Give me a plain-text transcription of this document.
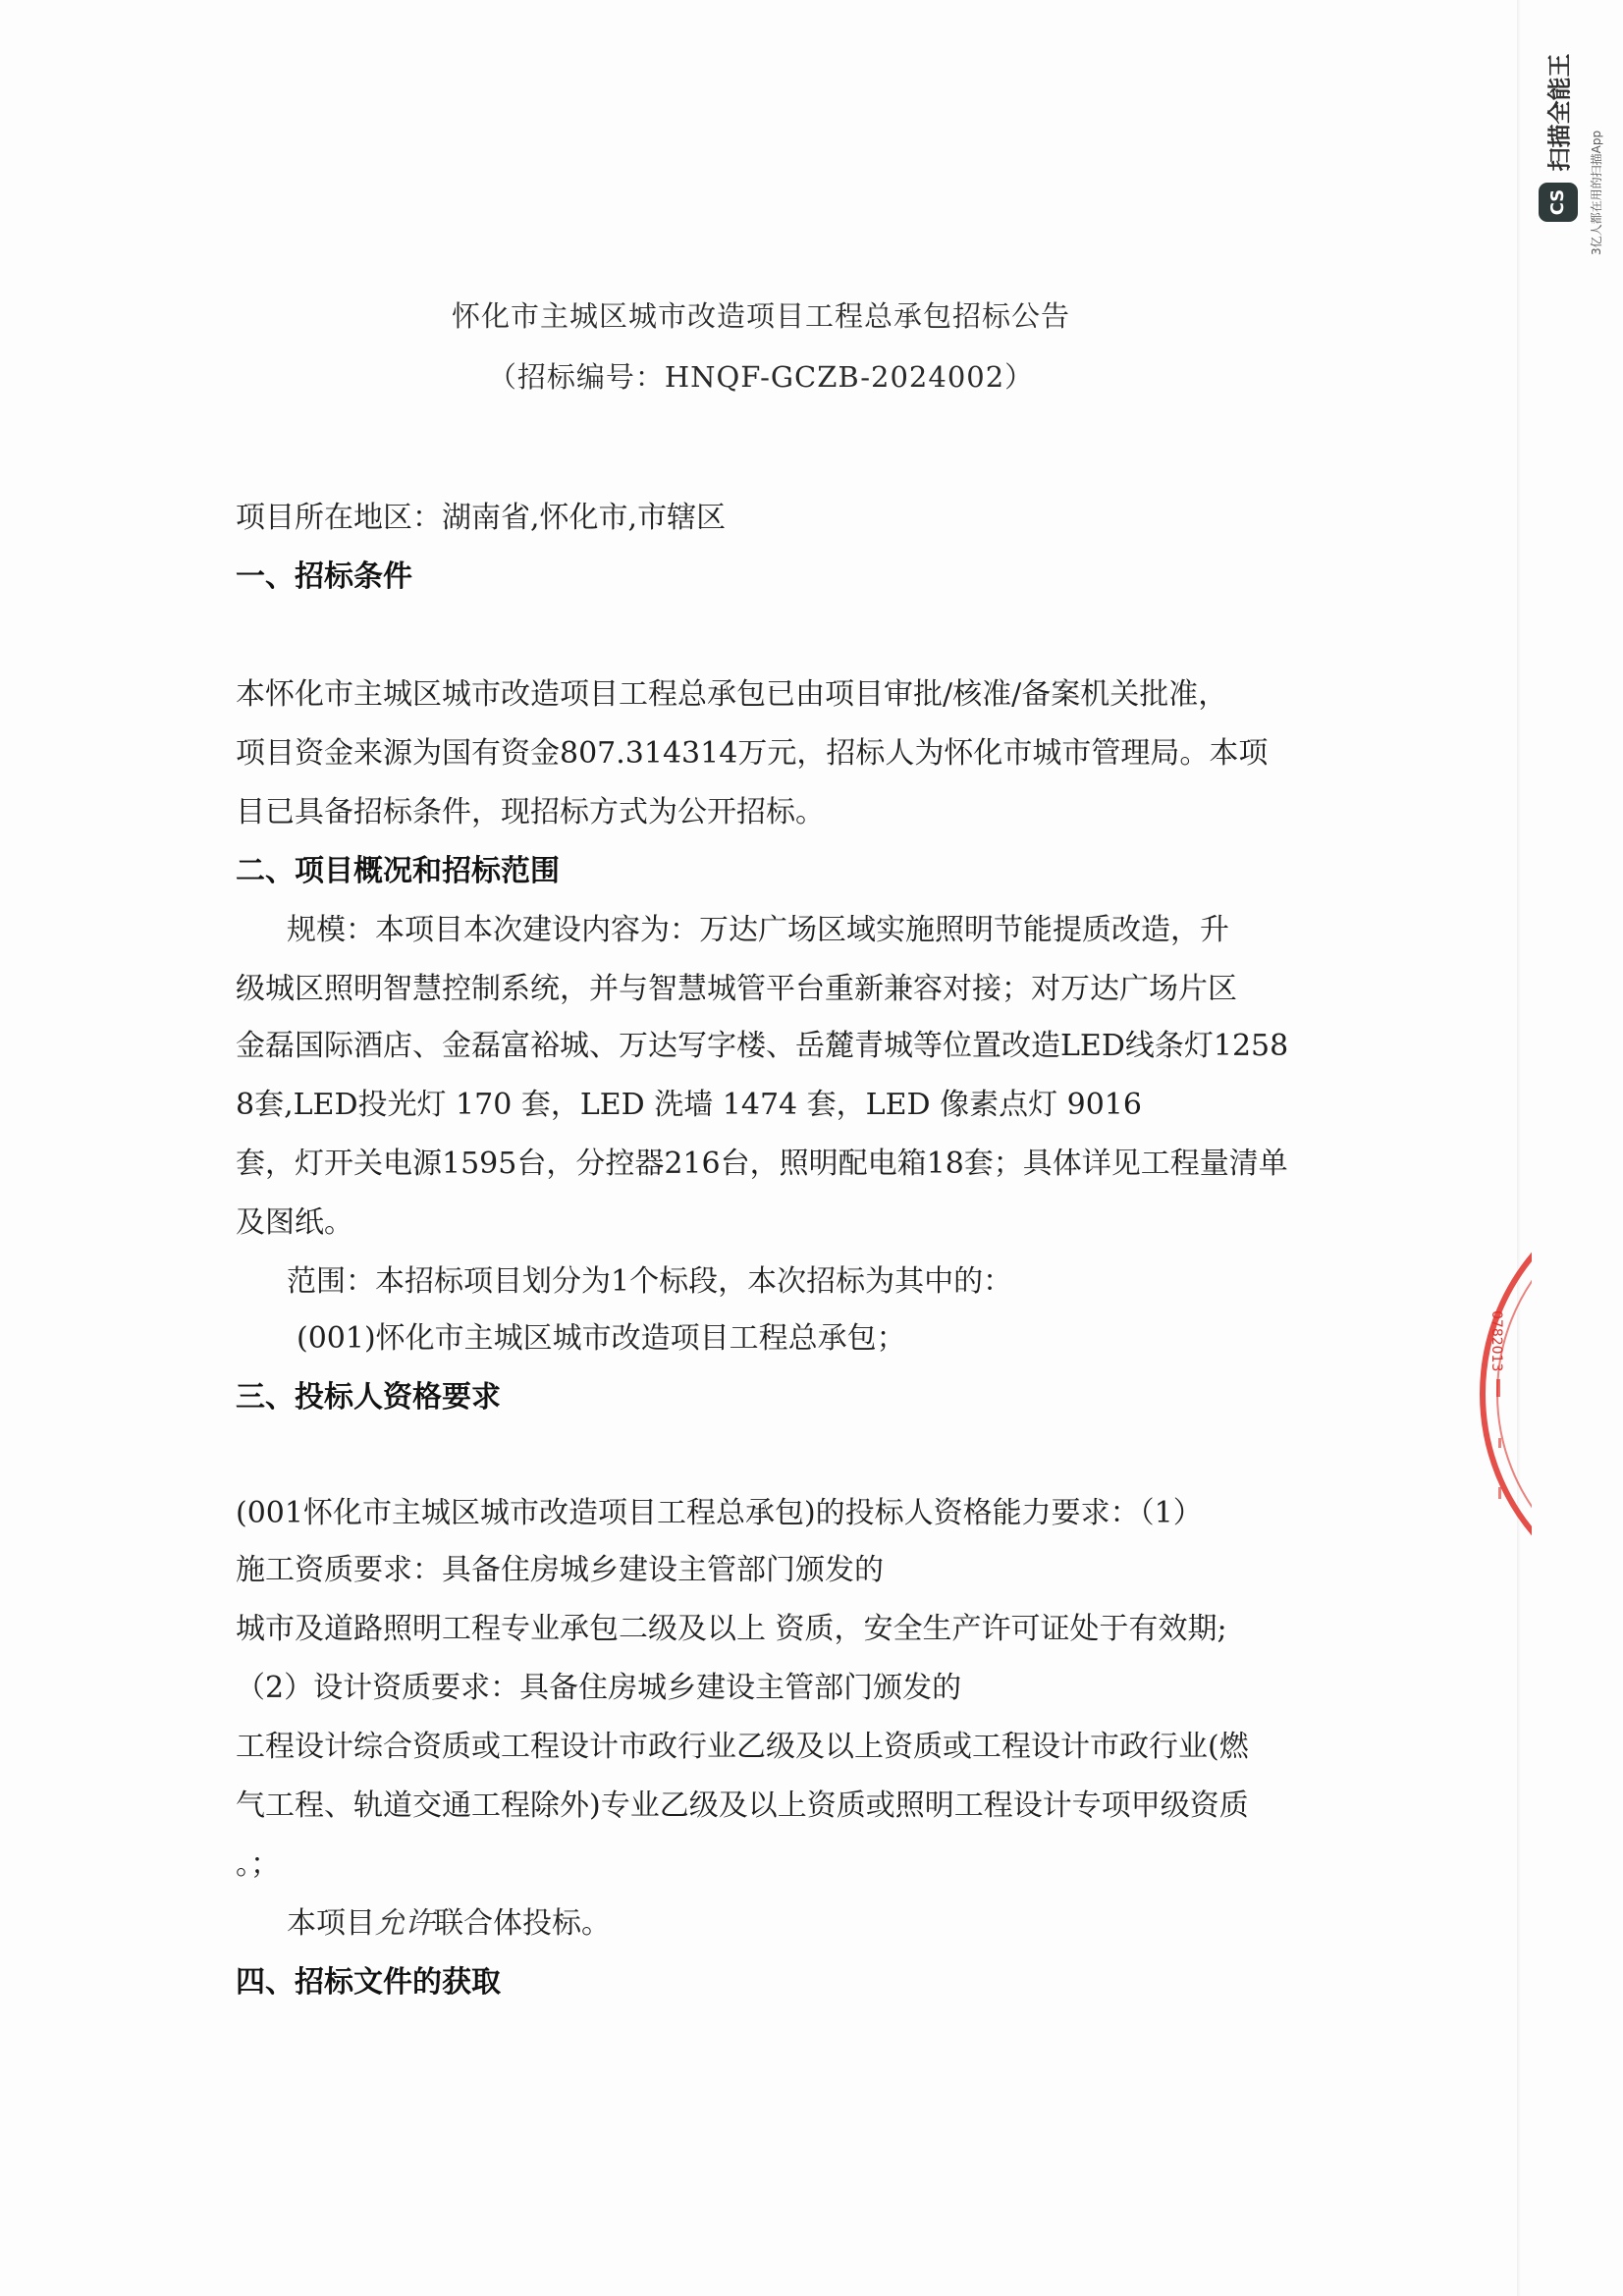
CS
扫描全能王
3亿人都在用的扫描App
0782013
怀化市主城区城市改造项目工程总承包招标公告
（招标编号：HNQF-GCZB-2024002）
项目所在地区：湖南省,怀化市,市辖区
一、招标条件
本怀化市主城区城市改造项目工程总承包已由项目审批/核准/备案机关批准，
项目资金来源为国有资金807.314314万元，招标人为怀化市城市管理局。本项
目已具备招标条件，现招标方式为公开招标。
二、项目概况和招标范围
规模：本项目本次建设内容为：万达广场区域实施照明节能提质改造，升
级城区照明智慧控制系统，并与智慧城管平台重新兼容对接；对万达广场片区
金磊国际酒店、金磊富裕城、万达写字楼、岳麓青城等位置改造LED线条灯1258
8套,LED投光灯 170 套，LED 洗墙 1474 套，LED 像素点灯 9016
套，灯开关电源1595台，分控器216台，照明配电箱18套；具体详见工程量清单
及图纸。
范围：本招标项目划分为1个标段，本次招标为其中的：
(001)怀化市主城区城市改造项目工程总承包；
三、投标人资格要求
(001怀化市主城区城市改造项目工程总承包)的投标人资格能力要求：（1）
施工资质要求：具备住房城乡建设主管部门颁发的
城市及道路照明工程专业承包二级及以上 资质，安全生产许可证处于有效期;
（2）设计资质要求：具备住房城乡建设主管部门颁发的
工程设计综合资质或工程设计市政行业乙级及以上资质或工程设计市政行业(燃
气工程、轨道交通工程除外)专业乙级及以上资质或照明工程设计专项甲级资质
。；
本项目允许联合体投标。
四、招标文件的获取
